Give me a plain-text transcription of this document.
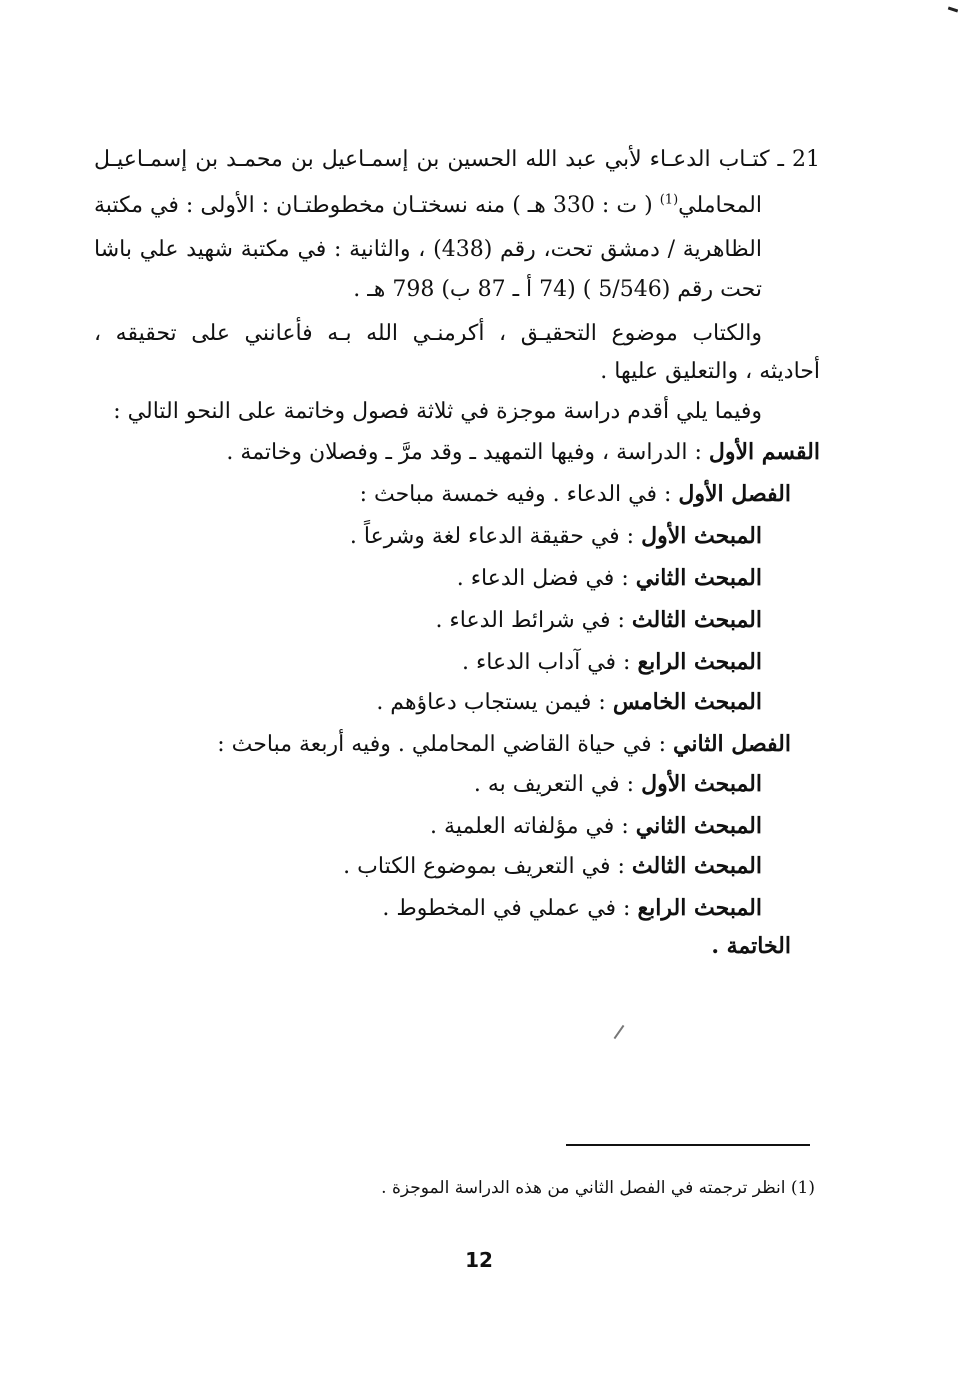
21 ـ كتـاب الدعـاء لأبي عبد الله الحسين بن إسمـاعيل بن محمـد بن إسمـاعيـل
المحاملي$^{(1)}$ ( ت : 330 هـ ) منه نسختـان مخطوطتـان : الأولى : في مكتبة
الظاهرية / دمشق تحت، رقم (438) ، والثانية : في مكتبة شهيد علي باشا
تحت رقم (5/546 ) (74 أ ـ 87 ب) 798 هـ .
والكتاب موضوع التحقيـق ، أكرمنـي الله بـه فأعانني على تحقيقه ،
أحاديثه ، والتعليق عليها .
وفيما يلي أقدم دراسة موجزة في ثلاثة فصول وخاتمة على النحو التالي :
القسم الأول : الدراسة ، وفيها التمهيد ـ وقد مرَّ ـ وفصلان وخاتمة .
الفصل الأول : في الدعاء . وفيه خمسة مباحث :
المبحث الأول : في حقيقة الدعاء لغة وشرعاً .
المبحث الثاني : في فضل الدعاء .
المبحث الثالث : في شرائط الدعاء .
المبحث الرابع : في آداب الدعاء .
المبحث الخامس : فيمن يستجاب دعاؤهم .
الفصل الثاني : في حياة القاضي المحاملي . وفيه أربعة مباحث :
المبحث الأول : في التعريف به .
المبحث الثاني : في مؤلفاته العلمية .
المبحث الثالث : في التعريف بموضوع الكتاب .
المبحث الرابع : في عملي في المخطوط .
الخاتمة .
(1) انظر ترجمته في الفصل الثاني من هذه الدراسة الموجزة .
12
